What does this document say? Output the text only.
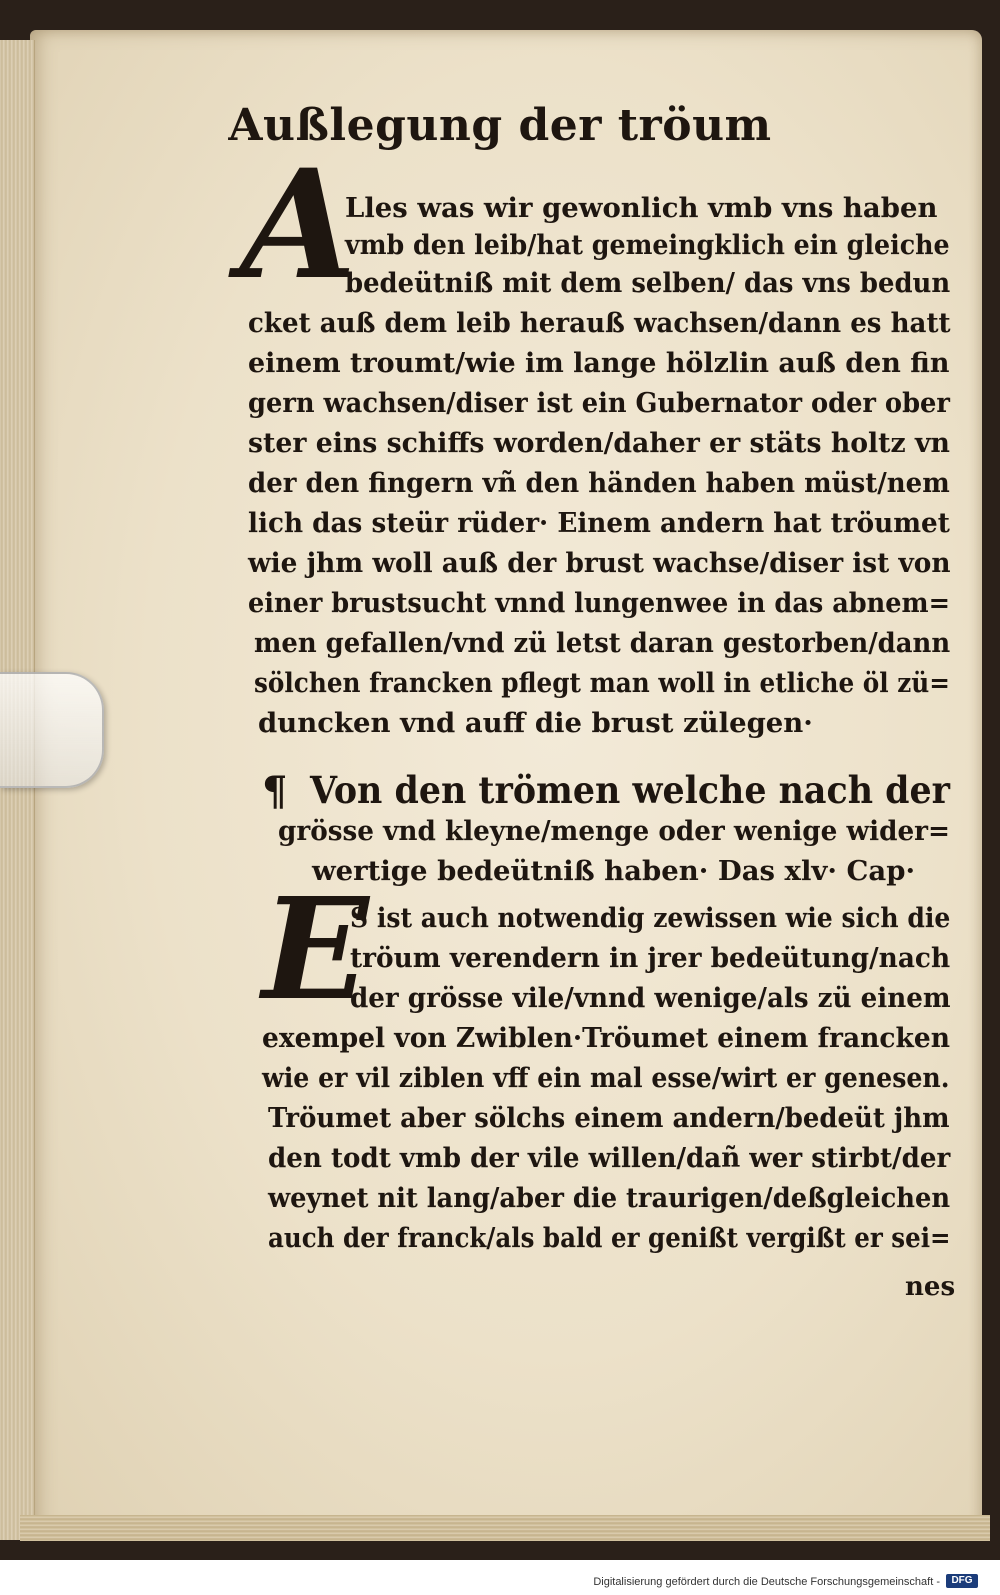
Außlegung der tröum
A
Lles was wir gewonlich vmb vns haben
vmb den leib/hat gemeingklich ein gleiche
bedeütniß mit dem selben/ das vns bedun
cket auß dem leib herauß wachsen/dann es hatt
einem troumt/wie im lange hölzlin auß den fin
gern wachsen/diser ist ein Gubernator oder ober
ster eins schiffs worden/daher er stäts holtz vn
der den fingern vñ den händen haben müst/nem
lich das steür rüder· Einem andern hat tröumet
wie jhm woll auß der brust wachse/diser ist von
einer brustsucht vnnd lungenwee in das abnem=
men gefallen/vnd zü letst daran gestorben/dann
sölchen francken pflegt man woll in etliche öl zü=
duncken vnd auff die brust zülegen·
¶ Von den trömen welche nach der
grösse vnd kleyne/menge oder wenige wider=
wertige bedeütniß haben· Das xlv· Cap·
E
S ist auch notwendig zewissen wie sich die
tröum verendern in jrer bedeütung/nach
der grösse vile/vnnd wenige/als zü einem
exempel von Zwiblen·Tröumet einem francken
wie er vil ziblen vff ein mal esse/wirt er genesen.
Tröumet aber sölchs einem andern/bedeüt jhm
den todt vmb der vile willen/dañ wer stirbt/der
weynet nit lang/aber die traurigen/deßgleichen
auch der franck/als bald er genißt vergißt er sei=
nes
Digitalisierung gefördert durch die Deutsche Forschungsgemeinschaft -	DFG
